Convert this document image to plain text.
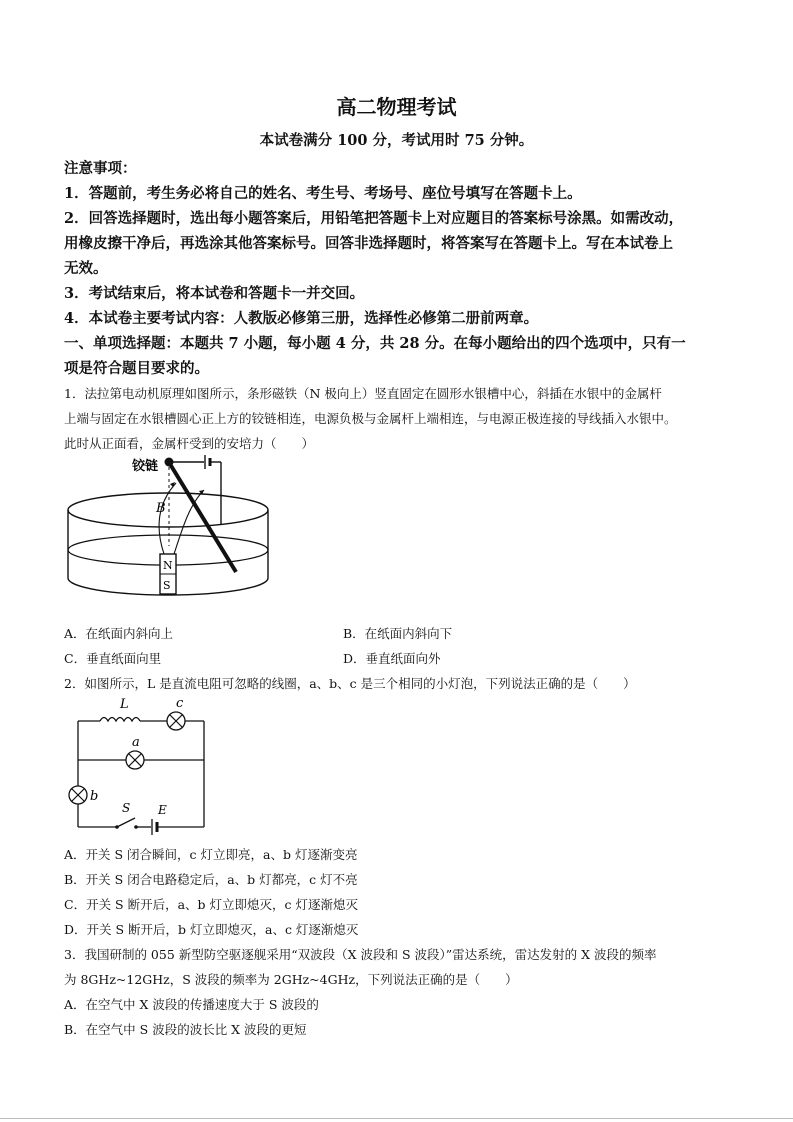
高二物理考试
本试卷满分 100 分，考试用时 75 分钟。
注意事项：
1．答题前，考生务必将自己的姓名、考生号、考场号、座位号填写在答题卡上。
2．回答选择题时，选出每小题答案后，用铅笔把答题卡上对应题目的答案标号涂黑。如需改动，
用橡皮擦干净后，再选涂其他答案标号。回答非选择题时，将答案写在答题卡上。写在本试卷上
无效。
3．考试结束后，将本试卷和答题卡一并交回。
4．本试卷主要考试内容：人教版必修第三册，选择性必修第二册前两章。
一、单项选择题：本题共 7 小题，每小题 4 分，共 28 分。在每小题给出的四个选项中，只有一
项是符合题目要求的。
1．法拉第电动机原理如图所示，条形磁铁（N 极向上）竖直固定在圆形水银槽中心，斜插在水银中的金属杆
上端与固定在水银槽圆心正上方的铰链相连，电源负极与金属杆上端相连，与电源正极连接的导线插入水银中。
此时从正面看，金属杆受到的安培力（　　）
铰链
B
N
S
A．在纸面内斜向上	B．在纸面内斜向下
C．垂直纸面向里	D．垂直纸面向外
2．如图所示，L 是直流电阻可忽略的线圈，a、b、c 是三个相同的小灯泡，下列说法正确的是（　　）
L	c
a
b
S E
A．开关 S 闭合瞬间，c 灯立即亮，a、b 灯逐渐变亮
B．开关 S 闭合电路稳定后，a、b 灯都亮，c 灯不亮
C．开关 S 断开后，a、b 灯立即熄灭，c 灯逐渐熄灭
D．开关 S 断开后，b 灯立即熄灭，a、c 灯逐渐熄灭
3．我国研制的 055 新型防空驱逐舰采用“双波段（X 波段和 S 波段）”雷达系统，雷达发射的 X 波段的频率
为 8GHz~12GHz，S 波段的频率为 2GHz~4GHz，下列说法正确的是（　　）
A．在空气中 X 波段的传播速度大于 S 波段的
B．在空气中 S 波段的波长比 X 波段的更短
